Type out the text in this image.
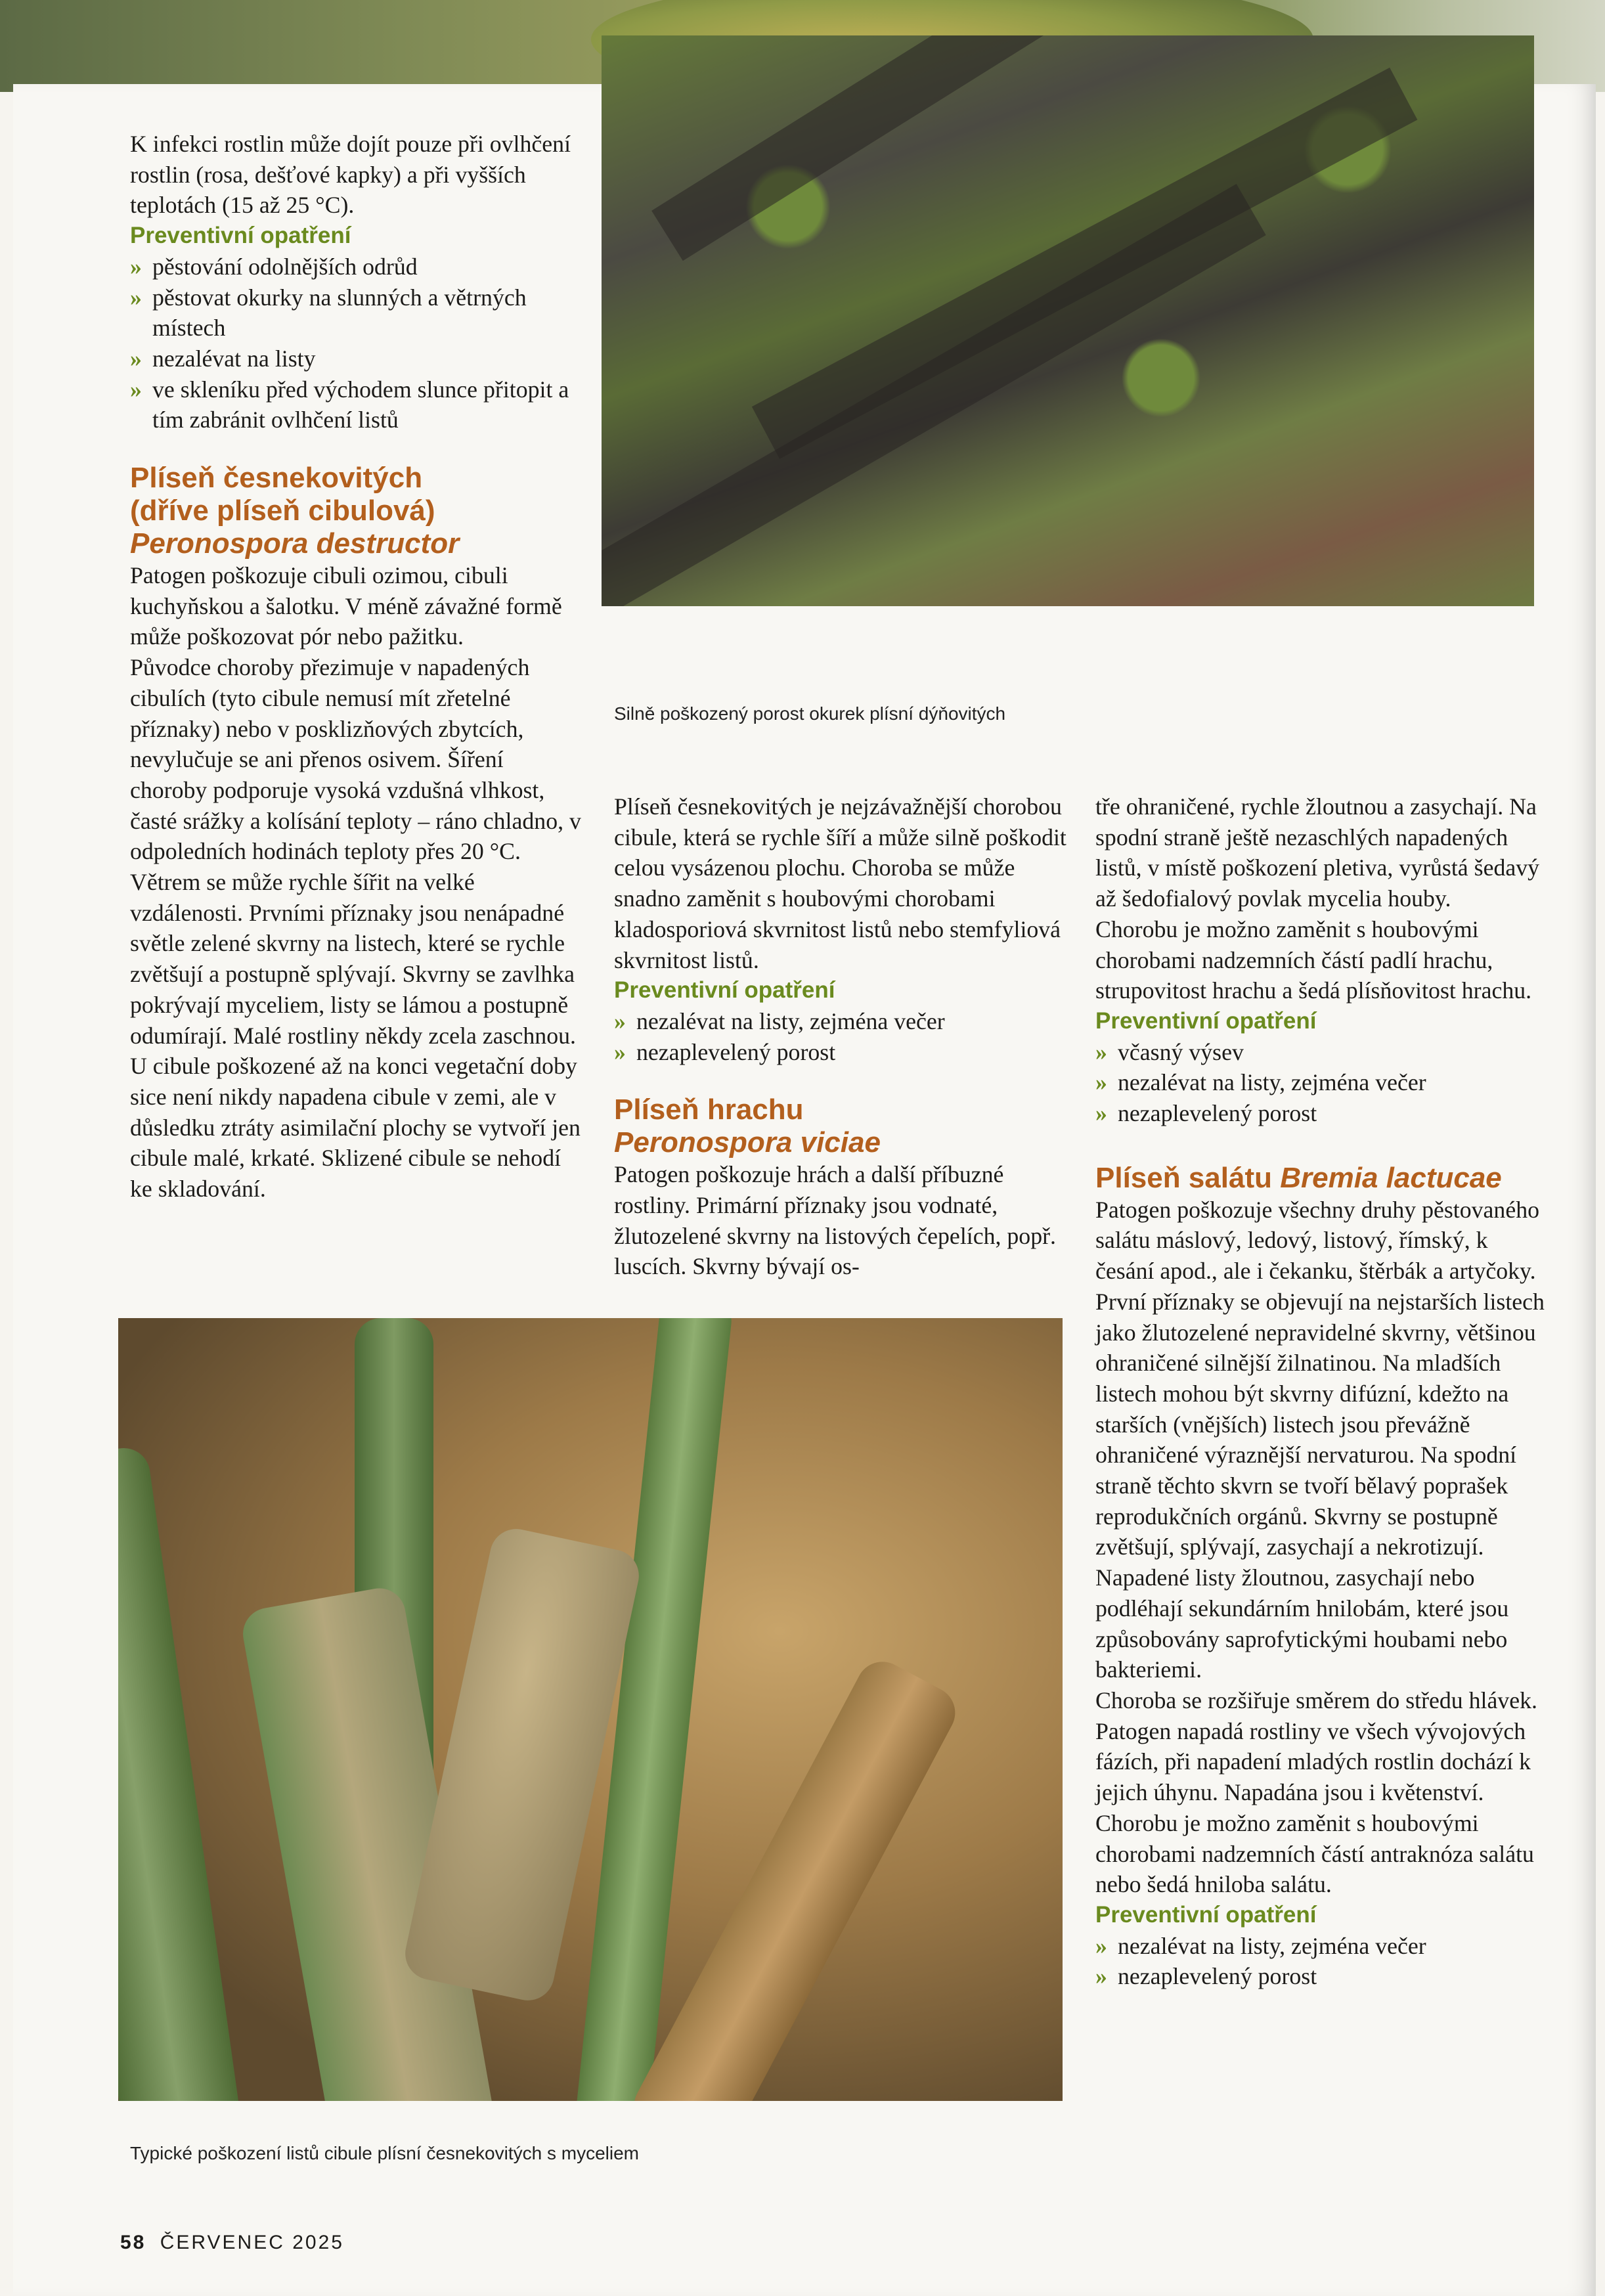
K infekci rostlin může dojít pouze při ovlhčení rostlin (rosa, dešťové kapky) a při vyšších teplotách (15 až 25 °C).

Preventivní opatření
» pěstování odolnějších odrůd
» pěstovat okurky na slunných a větrných místech
» nezalévat na listy
» ve skleníku před východem slunce přitopit a tím zabránit ovlhčení listů
Plíseň česnekovitých
(dříve plíseň cibulová)
Peronospora destructor

Patogen poškozuje cibuli ozimou, cibuli kuchyňskou a šalotku. V méně závažné formě může poškozovat pór nebo pažitku.

Původce choroby přezimuje v napadených cibulích (tyto cibule nemusí mít zřetelné příznaky) nebo v posklizňových zbytcích, nevylučuje se ani přenos osivem. Šíření choroby podporuje vysoká vzdušná vlhkost, časté srážky a kolísání teploty – ráno chladno, v odpoledních hodinách teploty přes 20 °C. Větrem se může rychle šířit na velké vzdálenosti. Prvními příznaky jsou nenápadné světle zelené skvrny na listech, které se rychle zvětšují a postupně splývají. Skvrny se zavlhka pokrývají myceliem, listy se lámou a postupně odumírají. Malé rostliny někdy zcela zaschnou. U cibule poškozené až na konci vegetační doby sice není nikdy napadena cibule v zemi, ale v důsledku ztráty asimilační plochy se vytvoří jen cibule malé, krkaté. Sklizené cibule se nehodí ke skladování.

Silně poškozený porost okurek plísní dýňovitých

Plíseň česnekovitých je nejzávažnější chorobou cibule, která se rychle šíří a může silně poškodit celou vysázenou plochu. Choroba se může snadno zaměnit s houbovými chorobami kladosporiová skvrnitost listů nebo stemfyliová skvrnitost listů.

Preventivní opatření
» nezalévat na listy, zejména večer
» nezaplevelený porost
Plíseň hrachu
Peronospora viciae

Patogen poškozuje hrách a další příbuzné rostliny. Primární příznaky jsou vodnaté, žlutozelené skvrny na listových čepelích, popř. luscích. Skvrny bývají os-

tře ohraničené, rychle žloutnou a zasychají. Na spodní straně ještě nezaschlých napadených listů, v místě poškození pletiva, vyrůstá šedavý až šedofialový povlak mycelia houby.

Chorobu je možno zaměnit s houbovými chorobami nadzemních částí padlí hrachu, strupovitost hrachu a šedá plísňovitost hrachu.

Preventivní opatření
» včasný výsev
» nezalévat na listy, zejména večer
» nezaplevelený porost
Plíseň salátu Bremia lactucae

Patogen poškozuje všechny druhy pěstovaného salátu máslový, ledový, listový, římský, k česání apod., ale i čekanku, štěrbák a artyčoky.

První příznaky se objevují na nejstarších listech jako žlutozelené nepravidelné skvrny, většinou ohraničené silnější žilnatinou. Na mladších listech mohou být skvrny difúzní, kdežto na starších (vnějších) listech jsou převážně ohraničené výraznější nervaturou. Na spodní straně těchto skvrn se tvoří bělavý poprašek reprodukčních orgánů. Skvrny se postupně zvětšují, splývají, zasychají a nekrotizují. Napadené listy žloutnou, zasychají nebo podléhají sekundárním hnilobám, které jsou způsobovány saprofytickými houbami nebo bakteriemi.

Choroba se rozšiřuje směrem do středu hlávek. Patogen napadá rostliny ve všech vývojových fázích, při napadení mladých rostlin dochází k jejich úhynu. Napadána jsou i květenství.

Chorobu je možno zaměnit s houbovými chorobami nadzemních částí antraknóza salátu nebo šedá hniloba salátu.

Preventivní opatření
» nezalévat na listy, zejména večer
» nezaplevelený porost
Typické poškození listů cibule plísní česnekovitých s myceliem
58 ČERVENEC 2025
